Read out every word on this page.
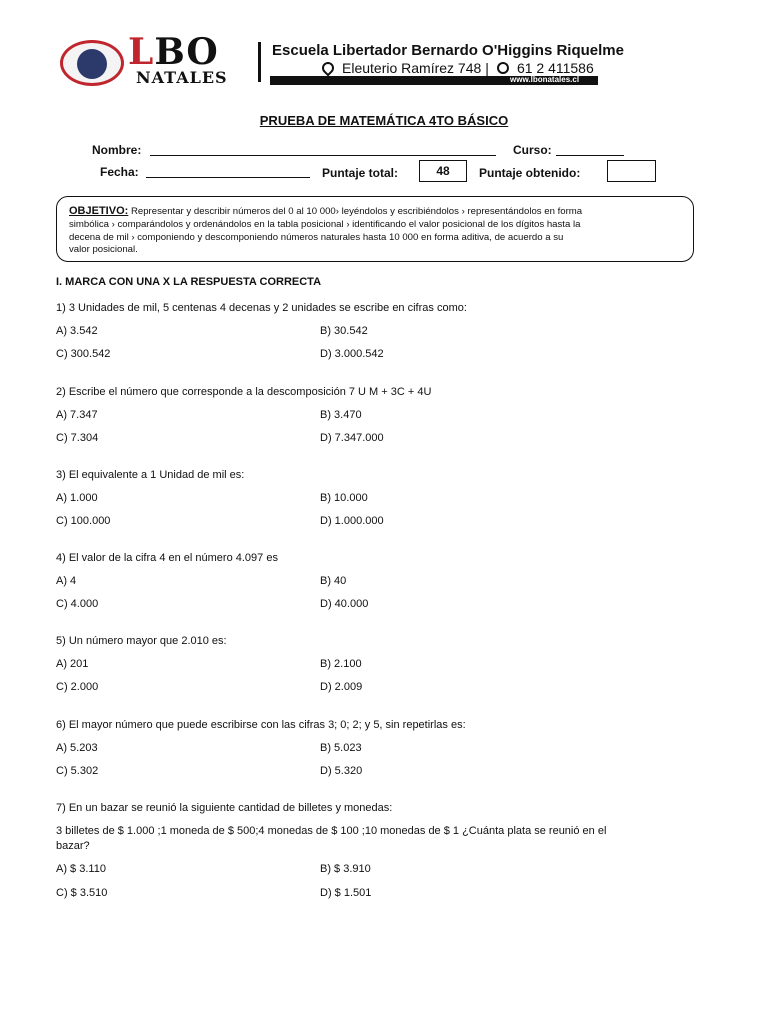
LBO
NATALES
Escuela Libertador Bernardo O'Higgins Riquelme
Eleuterio Ramírez 748 | 61 2 411586
www.lbonatales.cl
PRUEBA DE MATEMÁTICA 4TO BÁSICO
Nombre:	Curso:
Fecha:	Puntaje total:	48	Puntaje obtenido:
OBJETIVO: Representar y describir números del 0 al 10 000› leyéndolos y escribiéndolos › representándolos en forma
simbólica › comparándolos y ordenándolos en la tabla posicional › identificando el valor posicional de los dígitos hasta la
decena de mil › componiendo y descomponiendo números naturales hasta 10 000 en forma aditiva, de acuerdo a su
valor posicional.
I. MARCA CON UNA X LA RESPUESTA CORRECTA
1) 3 Unidades de mil, 5 centenas 4 decenas y 2 unidades se escribe en cifras como:
A) 3.542	B) 30.542
C) 300.542	D) 3.000.542
2) Escribe el número que corresponde a la descomposición 7 U M + 3C + 4U
A) 7.347	B) 3.470
C) 7.304	D) 7.347.000
3) El equivalente a 1 Unidad de mil es:
A) 1.000	B) 10.000
C) 100.000	D) 1.000.000
4) El valor de la cifra 4 en el número 4.097 es
A) 4	B) 40
C) 4.000	D) 40.000
5) Un número mayor que 2.010 es:
A) 201	B) 2.100
C) 2.000	D) 2.009
6) El mayor número que puede escribirse con las cifras 3; 0; 2; y 5, sin repetirlas es:
A) 5.203	B) 5.023
C) 5.302	D) 5.320
7) En un bazar se reunió la siguiente cantidad de billetes y monedas:
3 billetes de $ 1.000 ;1 moneda de $ 500;4 monedas de $ 100 ;10 monedas de $ 1 ¿Cuánta plata se reunió en el
bazar?
A) $ 3.110	B) $ 3.910
C) $ 3.510	D) $ 1.501
